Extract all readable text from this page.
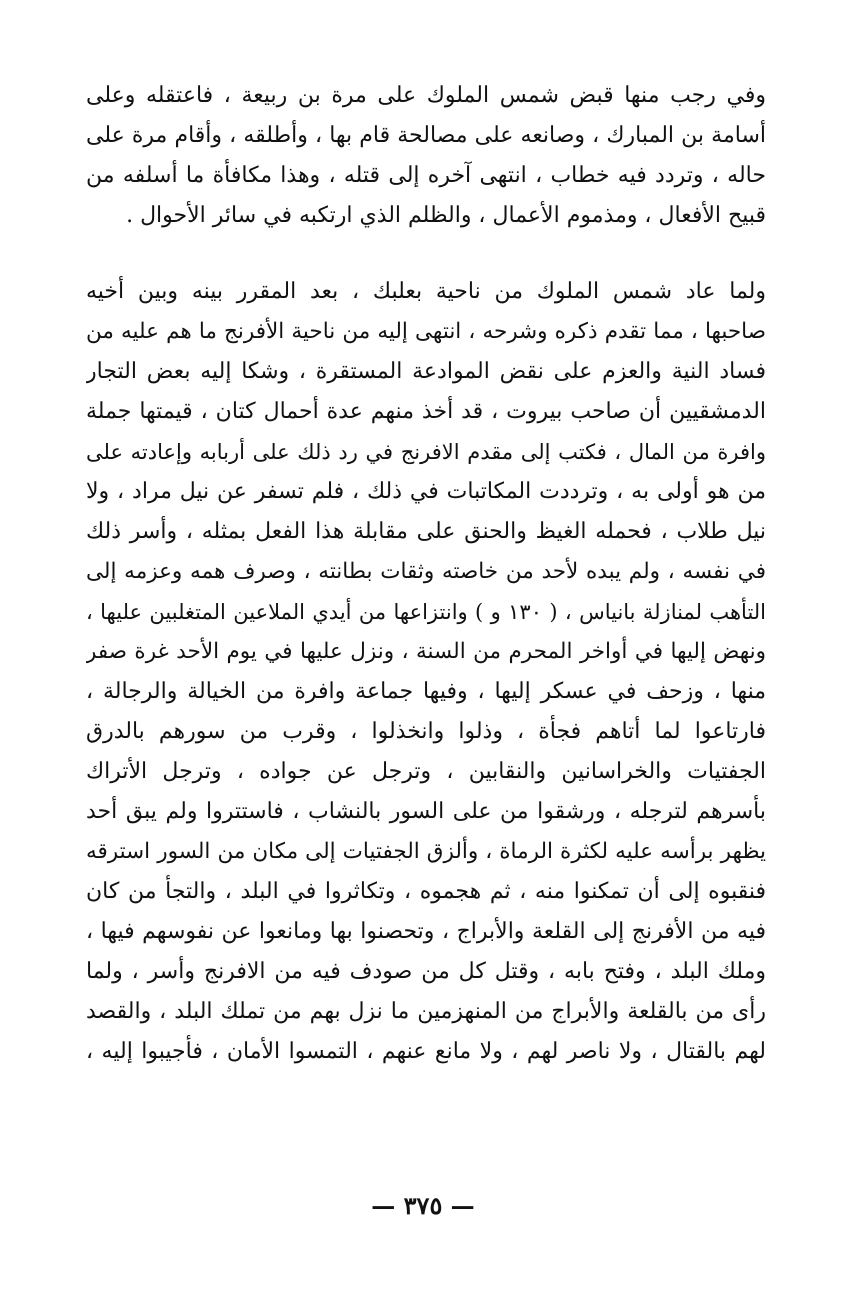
وفي رجب منها قبض شمس الملوك على مرة بن ربيعة ، فاعتقله وعلى
أسامة بن المبارك ، وصانعه على مصالحة قام بها ، وأطلقه ، وأقام مرة على
حاله ، وتردد فيه خطاب ، انتهى آخره إلى قتله ، وهذا مكافأة ما أسلفه من
قبيح الأفعال ، ومذموم الأعمال ، والظلم الذي ارتكبه في سائر الأحوال .
ولما عاد شمس الملوك من ناحية بعلبك ، بعد المقرر بينه وبين أخيه
صاحبها ، مما تقدم ذكره وشرحه ، انتهى إليه من ناحية الأفرنج ما هم عليه من
فساد النية والعزم على نقض الموادعة المستقرة ، وشكا إليه بعض التجار
الدمشقيين أن صاحب بيروت ، قد أخذ منهم عدة أحمال كتان ، قيمتها جملة
وافرة من المال ، فكتب إلى مقدم الافرنج في رد ذلك على أربابه وإعادته على
من هو أولى به ، وترددت المكاتبات في ذلك ، فلم تسفر عن نيل مراد ، ولا
نيل طلاب ، فحمله الغيظ والحنق على مقابلة هذا الفعل بمثله ، وأسر ذلك
في نفسه ، ولم يبده لأحد من خاصته وثقات بطانته ، وصرف همه وعزمه إلى
التأهب لمنازلة بانياس ، ( ١٣٠ و ) وانتزاعها من أيدي الملاعين المتغلبين عليها ،
ونهض إليها في أواخر المحرم من السنة ، ونزل عليها في يوم الأحد غرة صفر
منها ، وزحف في عسكر إليها ، وفيها جماعة وافرة من الخيالة والرجالة ،
فارتاعوا لما أتاهم فجأة ، وذلوا وانخذلوا ، وقرب من سورهم بالدرق
الجفتيات والخراسانين والنقابين ، وترجل عن جواده ، وترجل الأتراك
بأسرهم لترجله ، ورشقوا من على السور بالنشاب ، فاستتروا ولم يبق أحد
يظهر برأسه عليه لكثرة الرماة ، وألزق الجفتيات إلى مكان من السور استرقه
فنقبوه إلى أن تمكنوا منه ، ثم هجموه ، وتكاثروا في البلد ، والتجأ من كان
فيه من الأفرنج إلى القلعة والأبراج ، وتحصنوا بها ومانعوا عن نفوسهم فيها ،
وملك البلد ، وفتح بابه ، وقتل كل من صودف فيه من الافرنج وأسر ، ولما
رأى من بالقلعة والأبراج من المنهزمين ما نزل بهم من تملك البلد ، والقصد
لهم بالقتال ، ولا ناصر لهم ، ولا مانع عنهم ، التمسوا الأمان ، فأجيبوا إليه ،
— ٣٧٥ —
